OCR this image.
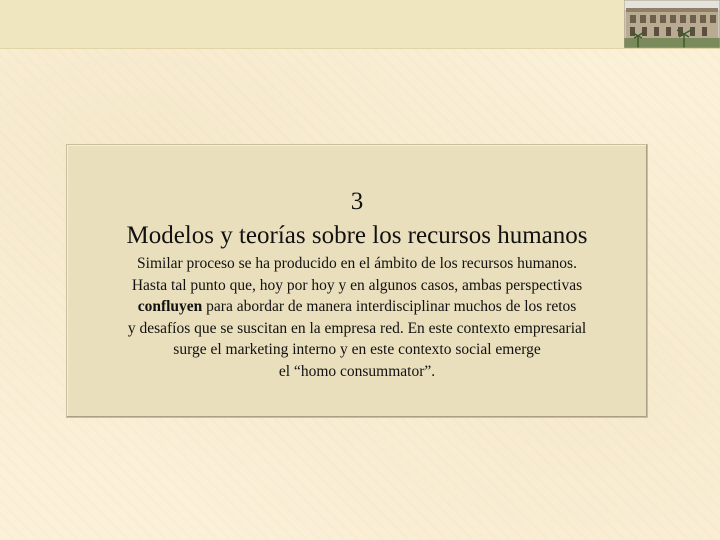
3
Modelos y teorías sobre los recursos humanos
Similar proceso se ha producido en el ámbito de los recursos humanos.
Hasta tal punto que, hoy por hoy y en algunos casos, ambas perspectivas
confluyen para abordar de manera interdisciplinar muchos de los retos
y desafíos que se suscitan en la empresa red. En este contexto empresarial
surge el marketing interno y en este contexto social emerge
el “homo consummator”.
